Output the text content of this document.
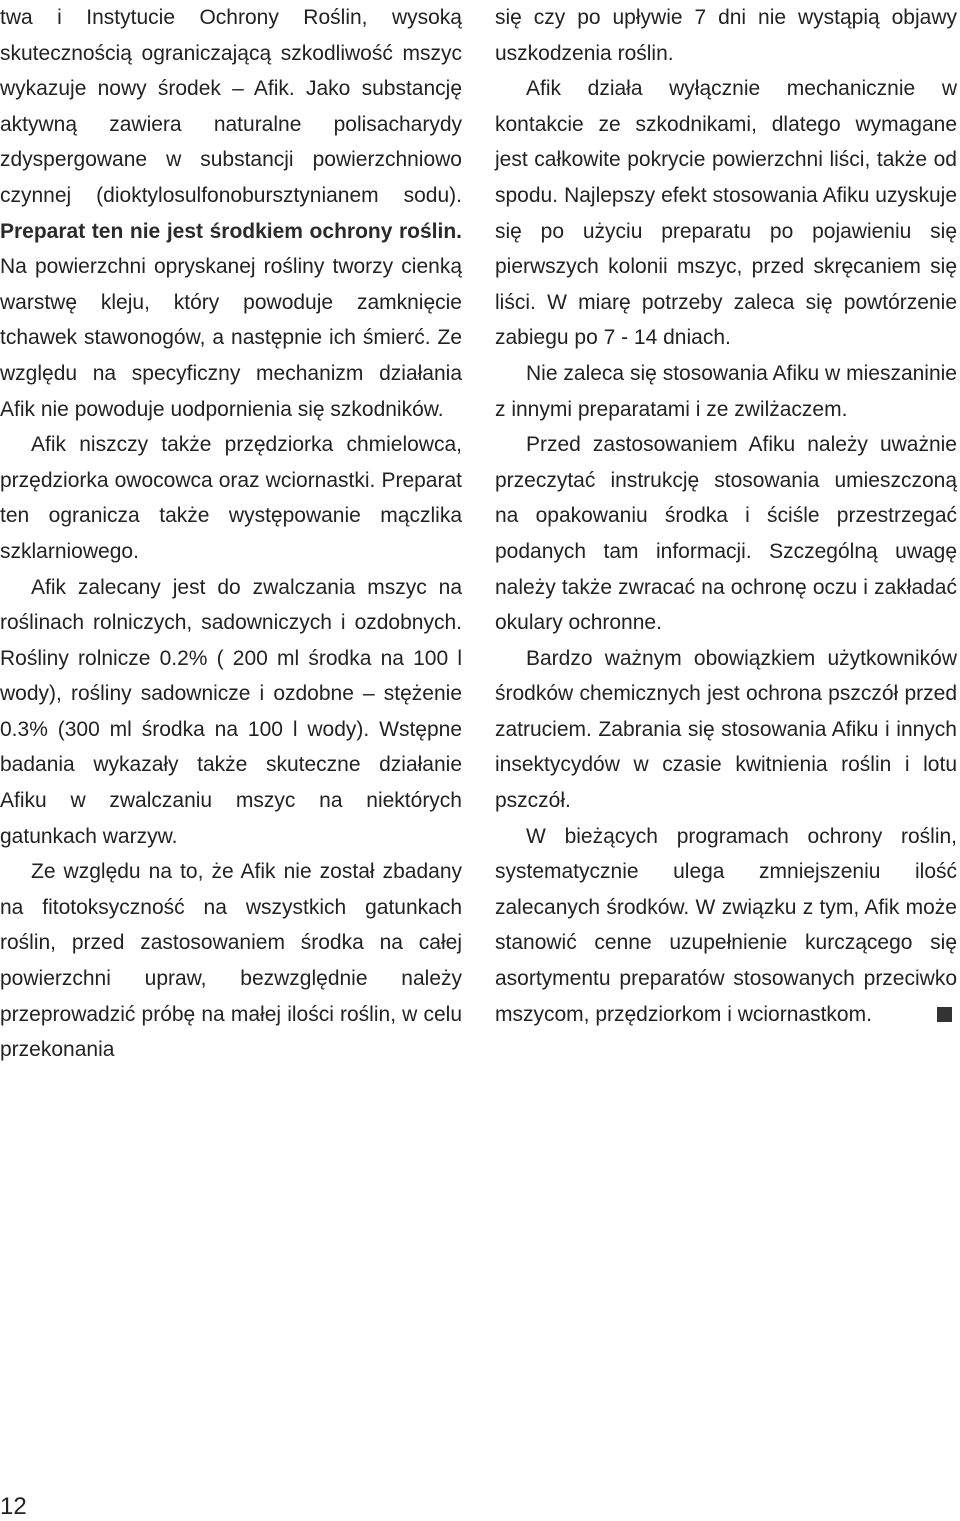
twa i Instytucie Ochrony Roślin, wysoką skutecznością ograniczającą szkodliwość mszyc wykazuje nowy środek – Afik. Jako substancję aktywną zawiera naturalne polisacharydy zdyspergowane w substancji powierzchniowo czynnej (dioktylosulfonobursztynianem sodu). Preparat ten nie jest środkiem ochrony roślin. Na powierzchni opryskanej rośliny tworzy cienką warstwę kleju, który powoduje zamknięcie tchawek stawonogów, a następnie ich śmierć. Ze względu na specyficzny mechanizm działania Afik nie powoduje uodpornienia się szkodników.

Afik niszczy także przędziorka chmielowca, przędziorka owocowca oraz wciornastki. Preparat ten ogranicza także występowanie mączlika szklarniowego.

Afik zalecany jest do zwalczania mszyc na roślinach rolniczych, sadowniczych i ozdobnych. Rośliny rolnicze 0.2% ( 200 ml środka na 100 l wody), rośliny sadownicze i ozdobne – stężenie 0.3% (300 ml środka na 100 l wody). Wstępne badania wykazały także skuteczne działanie Afiku w zwalczaniu mszyc na niektórych gatunkach warzyw.

Ze względu na to, że Afik nie został zbadany na fitotoksyczność na wszystkich gatunkach roślin, przed zastosowaniem środka na całej powierzchni upraw, bezwzględnie należy przeprowadzić próbę na małej ilości roślin, w celu przekonania

się czy po upływie 7 dni nie wystąpią objawy uszkodzenia roślin.

Afik działa wyłącznie mechanicznie w kontakcie ze szkodnikami, dlatego wymagane jest całkowite pokrycie powierzchni liści, także od spodu. Najlepszy efekt stosowania Afiku uzyskuje się po użyciu preparatu po pojawieniu się pierwszych kolonii mszyc, przed skręcaniem się liści. W miarę potrzeby zaleca się powtórzenie zabiegu po 7 - 14 dniach.

Nie zaleca się stosowania Afiku w mieszaninie z innymi preparatami i ze zwilżaczem.

Przed zastosowaniem Afiku należy uważnie przeczytać instrukcję stosowania umieszczoną na opakowaniu środka i ściśle przestrzegać podanych tam informacji. Szczególną uwagę należy także zwracać na ochronę oczu i zakładać okulary ochronne.

Bardzo ważnym obowiązkiem użytkowników środków chemicznych jest ochrona pszczół przed zatruciem. Zabrania się stosowania Afiku i innych insektycydów w czasie kwitnienia roślin i lotu pszczół.

W bieżących programach ochrony roślin, systematycznie ulega zmniejszeniu ilość zalecanych środków. W związku z tym, Afik może stanowić cenne uzupełnienie kurczącego się asortymentu preparatów stosowanych przeciwko mszycom, przędziorkom i wciornastkom.

12
